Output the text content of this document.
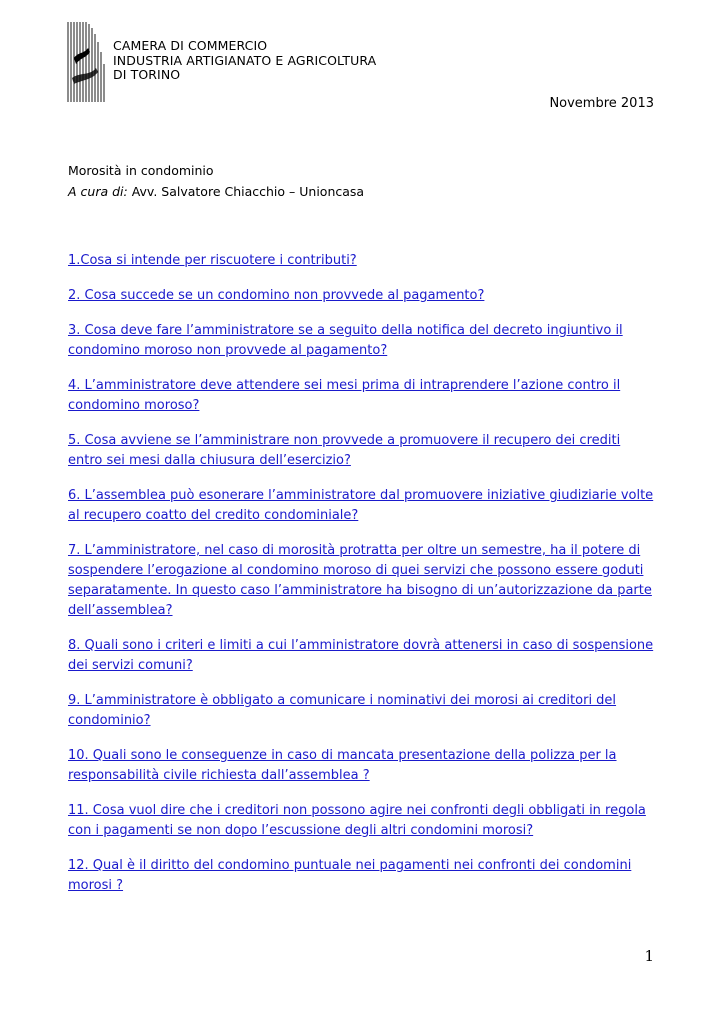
CAMERA DI COMMERCIO
INDUSTRIA ARTIGIANATO E AGRICOLTURA
DI TORINO
Novembre 2013
Morosità in condominio
A cura di: Avv. Salvatore Chiacchio – Unioncasa
1.Cosa si intende per riscuotere i contributi?
2. Cosa succede se un condomino non provvede al pagamento?
3. Cosa deve fare l’amministratore se a seguito della notifica del decreto ingiuntivo il condomino moroso non provvede al pagamento?
4. L’amministratore deve attendere sei mesi prima di intraprendere l’azione contro il condomino moroso?
5. Cosa avviene se l’amministrare non provvede a promuovere il recupero dei crediti entro sei mesi dalla chiusura dell’esercizio?
6. L’assemblea può esonerare l’amministratore dal promuovere iniziative giudiziarie volte al recupero coatto del credito condominiale?
7. L’amministratore, nel caso di morosità protratta per oltre un semestre, ha il potere di sospendere l’erogazione al condomino moroso di quei servizi che possono essere goduti separatamente. In questo caso l’amministratore ha bisogno di un’autorizzazione da parte dell’assemblea?
8. Quali sono i criteri e limiti a cui l’amministratore dovrà attenersi in caso di sospensione dei servizi comuni?
9. L’amministratore è obbligato a comunicare i nominativi dei morosi ai creditori del condominio?
10. Quali sono le conseguenze in caso di mancata presentazione della polizza per la responsabilità civile richiesta dall’assemblea ?
11. Cosa vuol dire che i creditori non possono agire nei confronti degli obbligati in regola con i pagamenti se non dopo l’escussione degli altri condomini morosi?
12. Qual è il diritto del condomino puntuale nei pagamenti nei confronti dei condomini morosi ?
1
